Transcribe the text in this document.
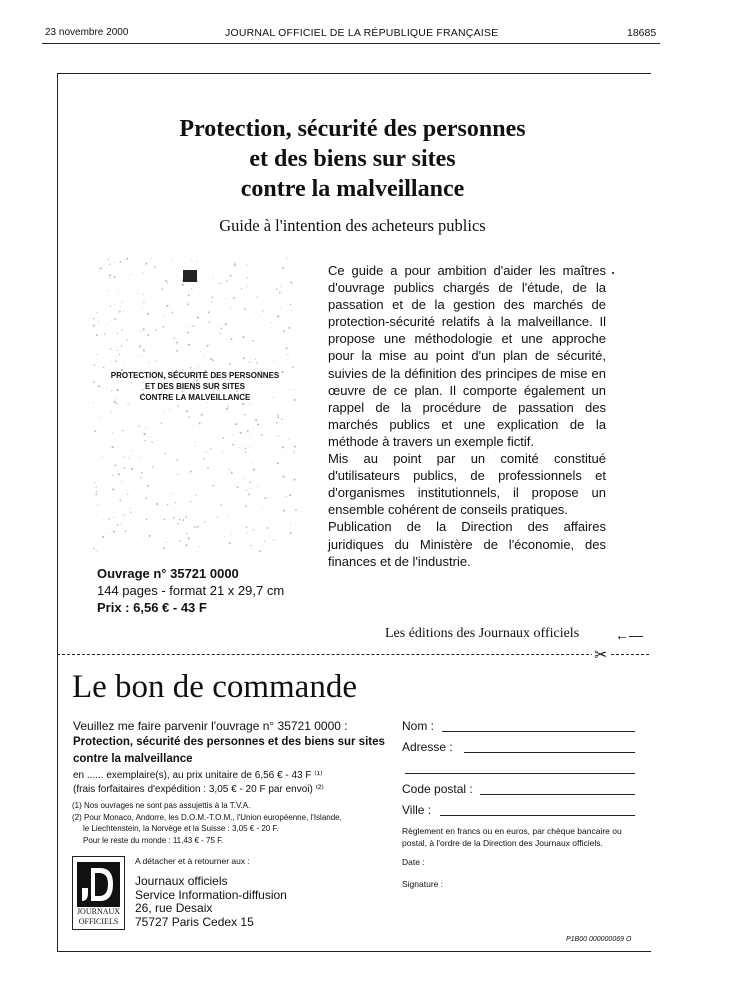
23 novembre 2000	JOURNAL OFFICIEL DE LA RÉPUBLIQUE FRANÇAISE	18685
Protection, sécurité des personnes
et des biens sur sites
contre la malveillance
Guide à l'intention des acheteurs publics
PROTECTION, SÉCURITÉ DES PERSONNES
ET DES BIENS SUR SITES
CONTRE LA MALVEILLANCE

Ce guide a pour ambition d'aider les maîtres d'ouvrage publics chargés de l'étude, de la passation et de la gestion des marchés de protection-sécurité relatifs à la malveillance. Il propose une méthodologie et une approche pour la mise au point d'un plan de sécurité, suivies de la définition des principes de mise en œuvre de ce plan. Il comporte également un rappel de la procédure de passation des marchés publics et une explication de la méthode à travers un exemple fictif.

Mis au point par un comité constitué d'utilisateurs publics, de professionnels et d'organismes institutionnels, il propose un ensemble cohérent de conseils pratiques.

Publication de la Direction des affaires juridiques du Ministère de l'économie, des finances et de l'industrie.

Ouvrage n° 35721 0000
144 pages - format 21 x 29,7 cm
Prix : 6,56 € - 43 F
Les éditions des Journaux officiels	←—
✂
Le bon de commande
Veuillez me faire parvenir l'ouvrage n° 35721 0000 :
Protection, sécurité des personnes et des biens sur sites contre la malveillance
en ...... exemplaire(s), au prix unitaire de 6,56 € - 43 F ⁽¹⁾
(frais forfaitaires d'expédition : 3,05 € - 20 F par envoi) ⁽²⁾
(1) Nos ouvrages ne sont pas assujettis à la T.V.A.
(2) Pour Monaco, Andorre, les D.O.M.-T.O.M., l'Union européenne, l'Islande,
le Liechtenstein, la Norvège et la Suisse : 3,05 € - 20 F.
Pour le reste du monde : 11,43 € - 75 F.
JOURNAUX
OFFICIELS
A détacher et à retourner aux :
Journaux officiels
Service Information-diffusion
26, rue Desaix
75727 Paris Cedex 15
Nom :
Adresse :
Code postal :
Ville :
Règlement en francs ou en euros, par chèque bancaire ou postal, à l'ordre de la Direction des Journaux officiels.
Date :
Signature :
P1B00 000000069 O
